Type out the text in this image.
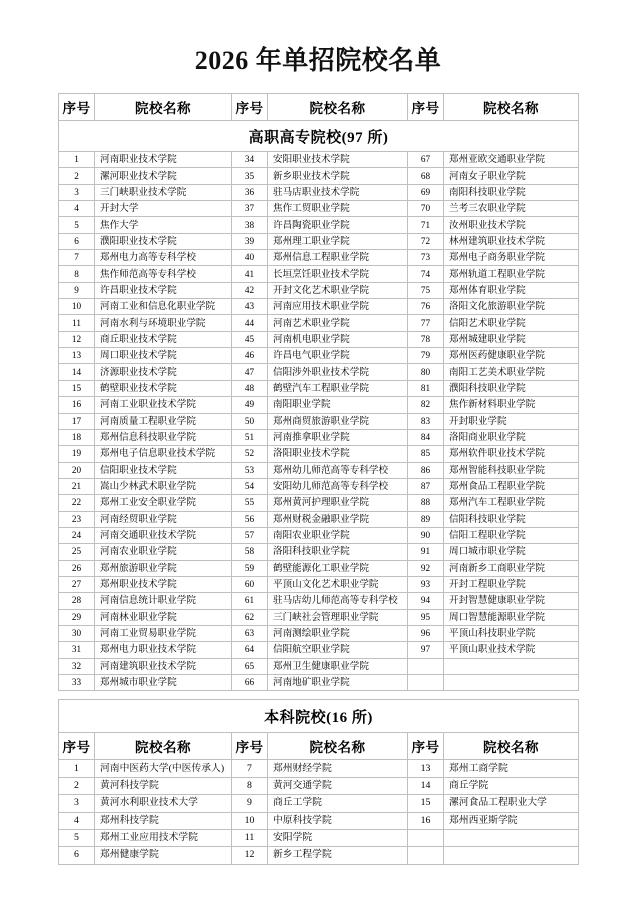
2026 年单招院校名单
序号	院校名称	序号	院校名称	序号	院校名称
高职高专院校(97 所)					
1	河南职业技术学院	34	安阳职业技术学院	67	郑州亚欧交通职业学院
2	漯河职业技术学院	35	新乡职业技术学院	68	河南女子职业学院
3	三门峡职业技术学院	36	驻马店职业技术学院	69	南阳科技职业学院
4	开封大学	37	焦作工贸职业学院	70	兰考三农职业学院
5	焦作大学	38	许昌陶瓷职业学院	71	汝州职业技术学院
6	濮阳职业技术学院	39	郑州理工职业学院	72	林州建筑职业技术学院
7	郑州电力高等专科学校	40	郑州信息工程职业学院	73	郑州电子商务职业学院
8	焦作师范高等专科学校	41	长垣烹饪职业技术学院	74	郑州轨道工程职业学院
9	许昌职业技术学院	42	开封文化艺术职业学院	75	郑州体育职业学院
10	河南工业和信息化职业学院	43	河南应用技术职业学院	76	洛阳文化旅游职业学院
11	河南水利与环境职业学院	44	河南艺术职业学院	77	信阳艺术职业学院
12	商丘职业技术学院	45	河南机电职业学院	78	郑州城建职业学院
13	周口职业技术学院	46	许昌电气职业学院	79	郑州医药健康职业学院
14	济源职业技术学院	47	信阳涉外职业技术学院	80	南阳工艺美术职业学院
15	鹤壁职业技术学院	48	鹤壁汽车工程职业学院	81	濮阳科技职业学院
16	河南工业职业技术学院	49	南阳职业学院	82	焦作新材料职业学院
17	河南质量工程职业学院	50	郑州商贸旅游职业学院	83	开封职业学院
18	郑州信息科技职业学院	51	河南推拿职业学院	84	洛阳商业职业学院
19	郑州电子信息职业技术学院	52	洛阳职业技术学院	85	郑州软件职业技术学院
20	信阳职业技术学院	53	郑州幼儿师范高等专科学校	86	郑州智能科技职业学院
21	嵩山少林武术职业学院	54	安阳幼儿师范高等专科学校	87	郑州食品工程职业学院
22	郑州工业安全职业学院	55	郑州黄河护理职业学院	88	郑州汽车工程职业学院
23	河南经贸职业学院	56	郑州财税金融职业学院	89	信阳科技职业学院
24	河南交通职业技术学院	57	南阳农业职业学院	90	信阳工程职业学院
25	河南农业职业学院	58	洛阳科技职业学院	91	周口城市职业学院
26	郑州旅游职业学院	59	鹤壁能源化工职业学院	92	河南新乡工商职业学院
27	郑州职业技术学院	60	平顶山文化艺术职业学院	93	开封工程职业学院
28	河南信息统计职业学院	61	驻马店幼儿师范高等专科学校	94	开封智慧健康职业学院
29	河南林业职业学院	62	三门峡社会管理职业学院	95	周口智慧能源职业学院
30	河南工业贸易职业学院	63	河南测绘职业学院	96	平顶山科技职业学院
31	郑州电力职业技术学院	64	信阳航空职业学院	97	平顶山职业技术学院
32	河南建筑职业技术学院	65	郑州卫生健康职业学院		
33	郑州城市职业学院	66	河南地矿职业学院		
本科院校(16 所)					
序号	院校名称	序号	院校名称	序号	院校名称
1	河南中医药大学(中医传承人)	7	郑州财经学院	13	郑州工商学院
2	黄河科技学院	8	黄河交通学院	14	商丘学院
3	黄河水利职业技术大学	9	商丘工学院	15	漯河食品工程职业大学
4	郑州科技学院	10	中原科技学院	16	郑州西亚斯学院
5	郑州工业应用技术学院	11	安阳学院		
6	郑州健康学院	12	新乡工程学院		
